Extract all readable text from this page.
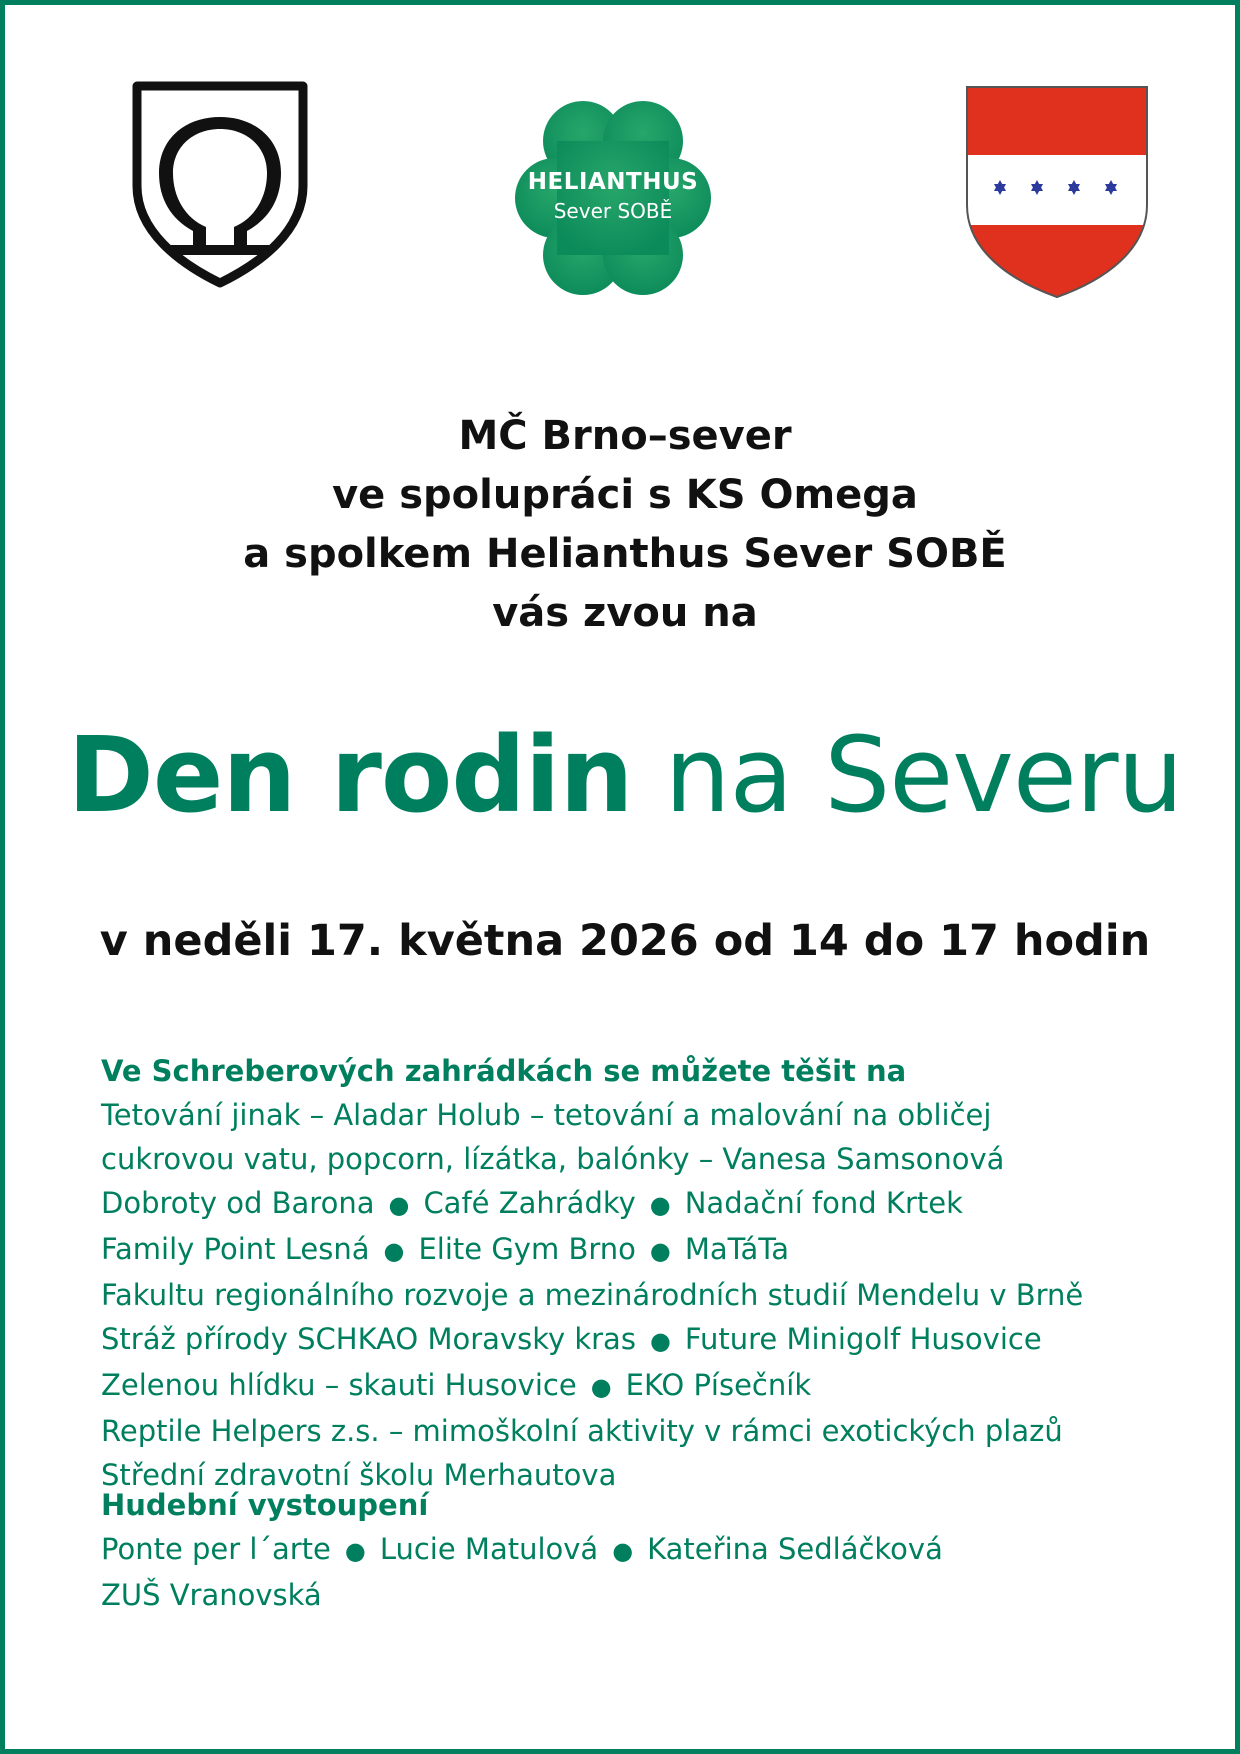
HELIANTHUS
Sever SOBĚ
MČ Brno–sever
ve spolupráci s KS Omega
a spolkem Helianthus Sever SOBĚ
vás zvou na
Den rodin na Severu
v neděli 17. května 2026 od 14 do 17 hodin
Ve Schreberových zahrádkách se můžete těšit na
Tetování jinak – Aladar Holub – tetování a malování na obličej
cukrovou vatu, popcorn, lízátka, balónky – Vanesa Samsonová
Dobroty od Barona ● Café Zahrádky ● Nadační fond Krtek
Family Point Lesná ● Elite Gym Brno ● MaTáTa
Fakultu regionálního rozvoje a mezinárodních studií Mendelu v Brně
Stráž přírody SCHKAO Moravsky kras ● Future Minigolf Husovice
Zelenou hlídku – skauti Husovice ● EKO Písečník
Reptile Helpers z.s. – mimoškolní aktivity v rámci exotických plazů
Střední zdravotní školu Merhautova
Hudební vystoupení
Ponte per l´arte ● Lucie Matulová ● Kateřina Sedláčková
ZUŠ Vranovská
